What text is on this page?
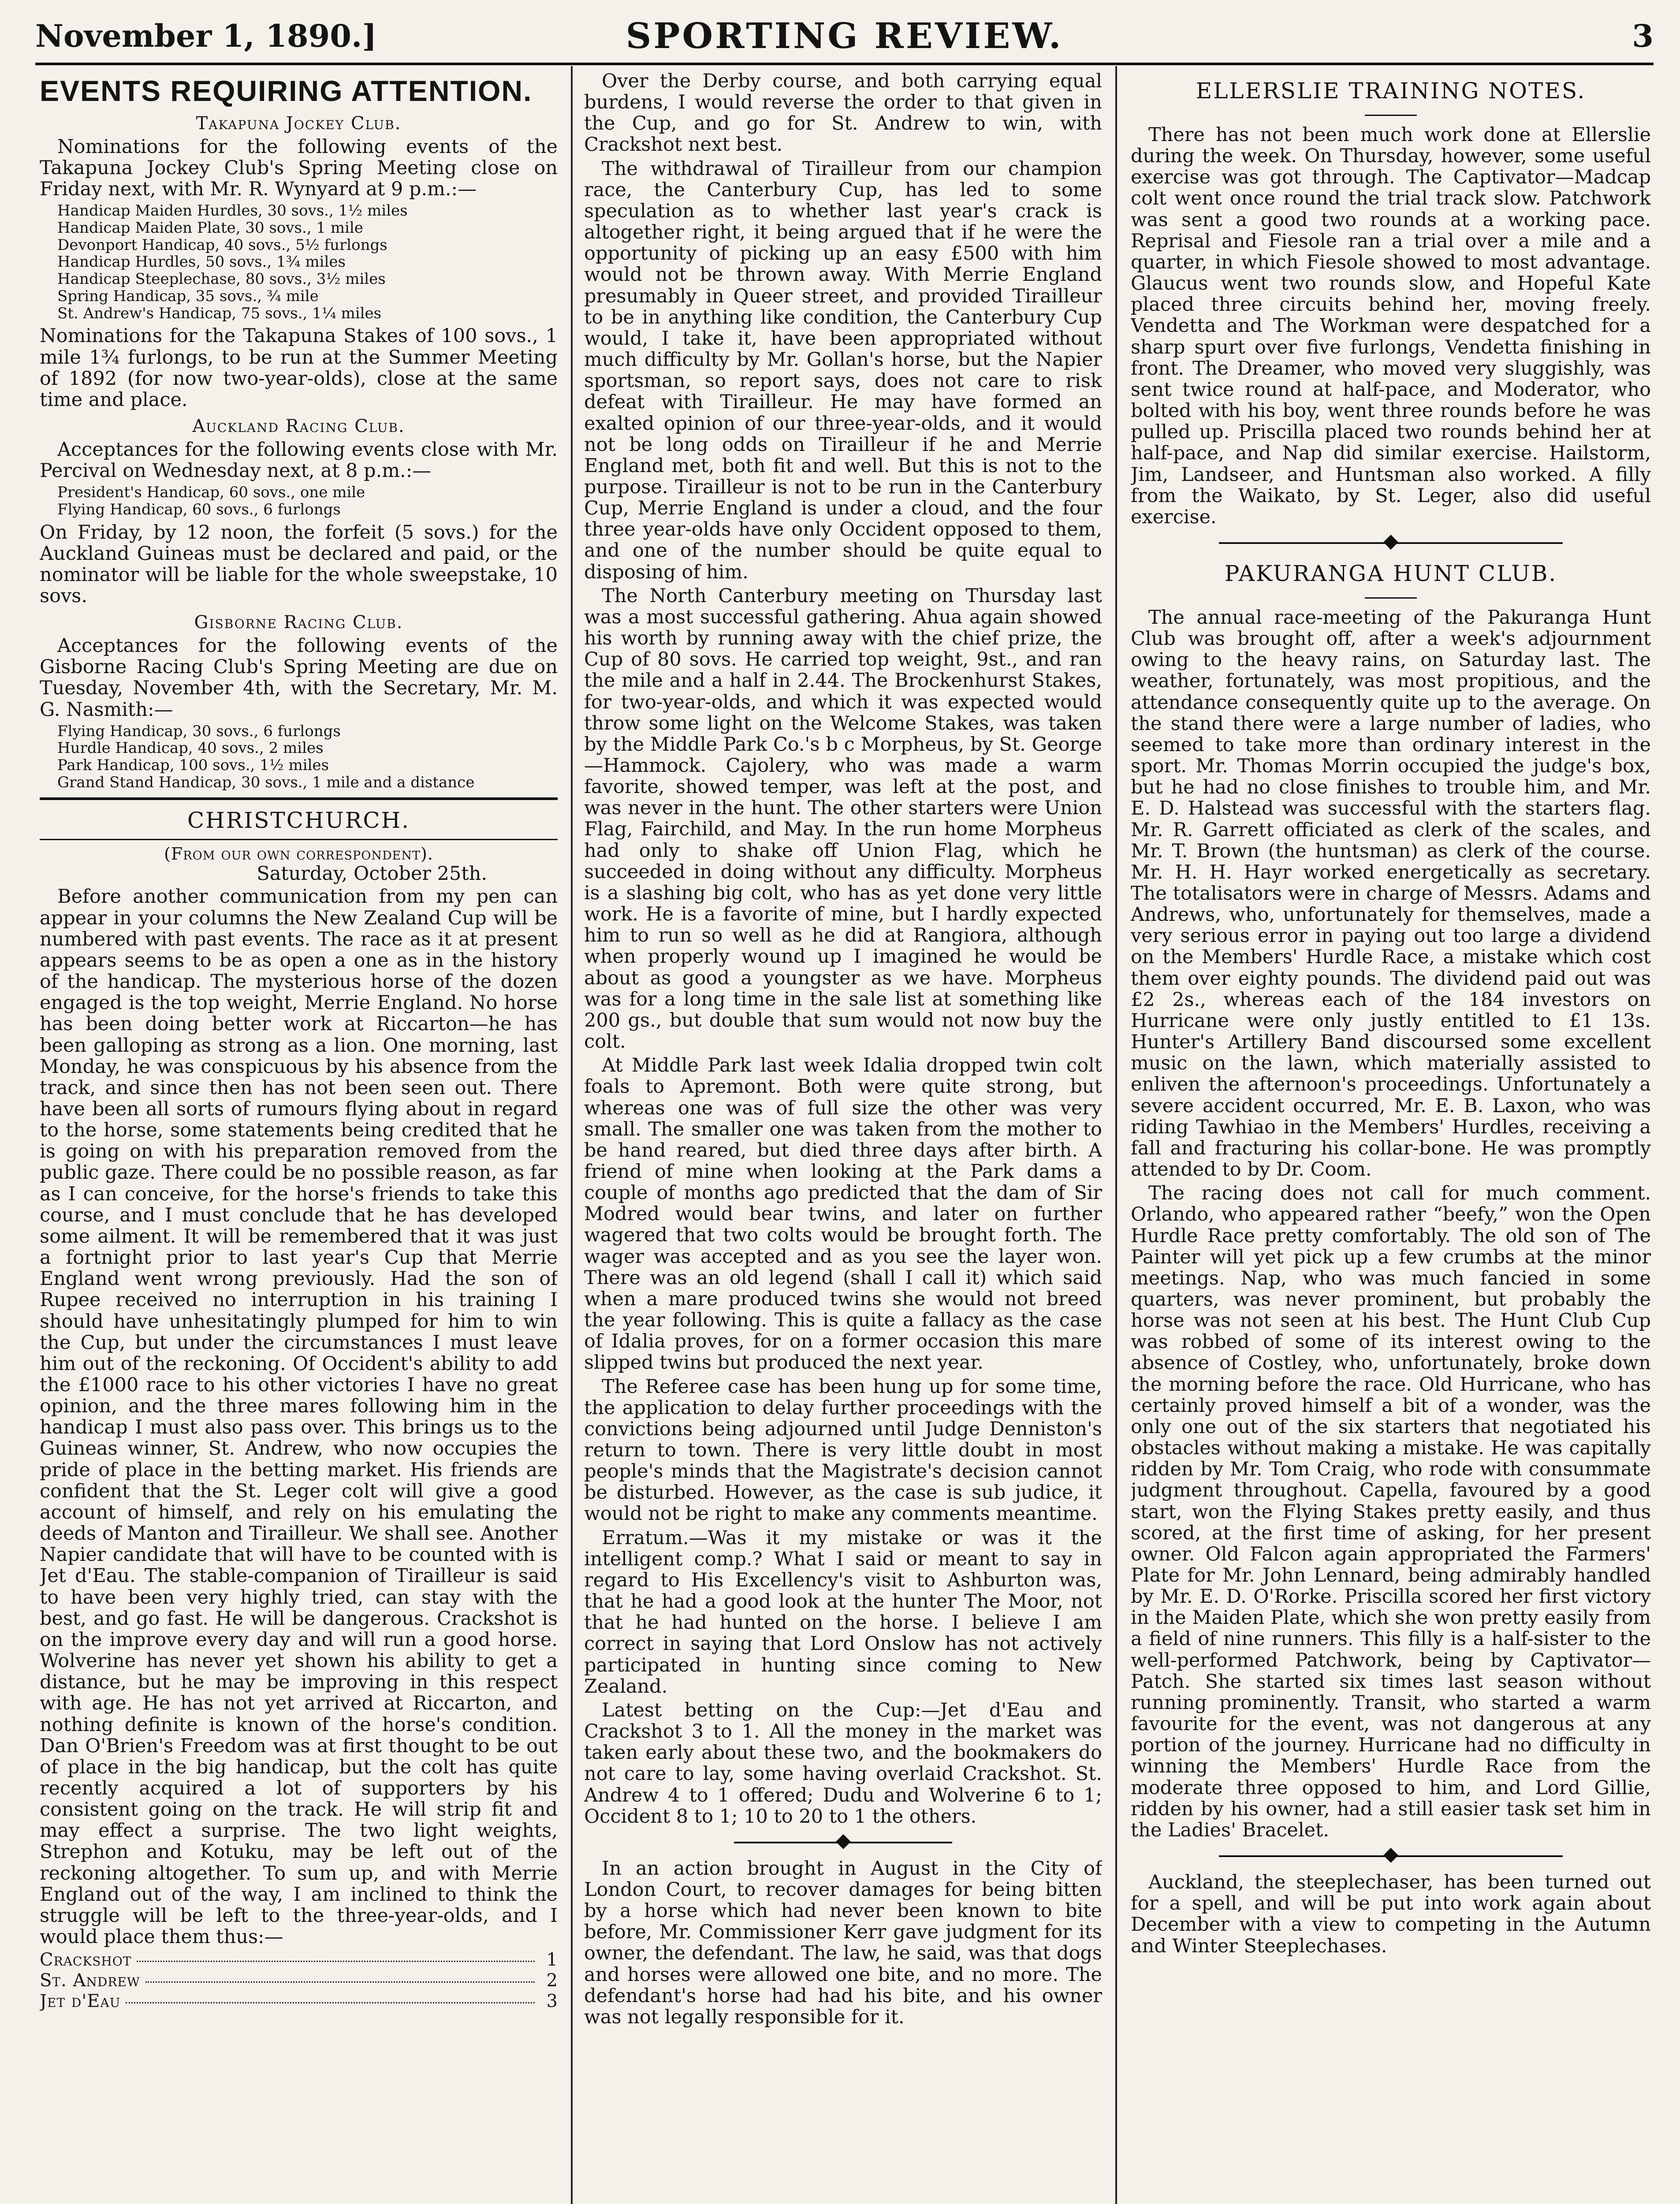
November 1, 1890.]	SPORTING REVIEW.	3
EVENTS REQUIRING ATTENTION.
Takapuna Jockey Club.

Nominations for the following events of the Takapuna Jockey Club's Spring Meeting close on Friday next, with Mr. R. Wynyard at 9 p.m.:—

Handicap Maiden Hurdles, 30 sovs., 1½ miles
Handicap Maiden Plate, 30 sovs., 1 mile
Devonport Handicap, 40 sovs., 5½ furlongs
Handicap Hurdles, 50 sovs., 1¾ miles
Handicap Steeplechase, 80 sovs., 3½ miles
Spring Handicap, 35 sovs., ¾ mile
St. Andrew's Handicap, 75 sovs., 1¼ miles

Nominations for the Takapuna Stakes of 100 sovs., 1 mile 1¾ furlongs, to be run at the Summer Meeting of 1892 (for now two-year-olds), close at the same time and place.

Auckland Racing Club.

Acceptances for the following events close with Mr. Percival on Wednesday next, at 8 p.m.:—

President's Handicap, 60 sovs., one mile
Flying Handicap, 60 sovs., 6 furlongs

On Friday, by 12 noon, the forfeit (5 sovs.) for the Auckland Guineas must be declared and paid, or the nominator will be liable for the whole sweepstake, 10 sovs.

Gisborne Racing Club.

Acceptances for the following events of the Gisborne Racing Club's Spring Meeting are due on Tuesday, November 4th, with the Secretary, Mr. M. G. Nasmith:—

Flying Handicap, 30 sovs., 6 furlongs
Hurdle Handicap, 40 sovs., 2 miles
Park Handicap, 100 sovs., 1½ miles
Grand Stand Handicap, 30 sovs., 1 mile and a distance
CHRISTCHURCH.
(From our own correspondent).
Saturday, October 25th.

Before another communication from my pen can appear in your columns the New Zealand Cup will be numbered with past events. The race as it at present appears seems to be as open a one as in the history of the handicap. The mysterious horse of the dozen engaged is the top weight, Merrie England. No horse has been doing better work at Riccarton—he has been galloping as strong as a lion. One morning, last Monday, he was conspicuous by his absence from the track, and since then has not been seen out. There have been all sorts of rumours flying about in regard to the horse, some statements being credited that he is going on with his preparation removed from the public gaze. There could be no possible reason, as far as I can conceive, for the horse's friends to take this course, and I must conclude that he has developed some ailment. It will be remembered that it was just a fortnight prior to last year's Cup that Merrie England went wrong previously. Had the son of Rupee received no interruption in his training I should have unhesitatingly plumped for him to win the Cup, but under the circumstances I must leave him out of the reckoning. Of Occident's ability to add the £1000 race to his other victories I have no great opinion, and the three mares following him in the handicap I must also pass over. This brings us to the Guineas winner, St. Andrew, who now occupies the pride of place in the betting market. His friends are confident that the St. Leger colt will give a good account of himself, and rely on his emulating the deeds of Manton and Tirailleur. We shall see. Another Napier candidate that will have to be counted with is Jet d'Eau. The stable-companion of Tirailleur is said to have been very highly tried, can stay with the best, and go fast. He will be dangerous. Crackshot is on the improve every day and will run a good horse. Wolverine has never yet shown his ability to get a distance, but he may be improving in this respect with age. He has not yet arrived at Riccarton, and nothing definite is known of the horse's condition. Dan O'Brien's Freedom was at first thought to be out of place in the big handicap, but the colt has quite recently acquired a lot of supporters by his consistent going on the track. He will strip fit and may effect a surprise. The two light weights, Strephon and Kotuku, may be left out of the reckoning altogether. To sum up, and with Merrie England out of the way, I am inclined to think the struggle will be left to the three-year-olds, and I would place them thus:—

Crackshot	1
St. Andrew	2
Jet d'Eau	3

Over the Derby course, and both carrying equal burdens, I would reverse the order to that given in the Cup, and go for St. Andrew to win, with Crackshot next best.

The withdrawal of Tirailleur from our champion race, the Canterbury Cup, has led to some speculation as to whether last year's crack is altogether right, it being argued that if he were the opportunity of picking up an easy £500 with him would not be thrown away. With Merrie England presumably in Queer street, and provided Tirailleur to be in anything like condition, the Canterbury Cup would, I take it, have been appropriated without much difficulty by Mr. Gollan's horse, but the Napier sportsman, so report says, does not care to risk defeat with Tirailleur. He may have formed an exalted opinion of our three-year-olds, and it would not be long odds on Tirailleur if he and Merrie England met, both fit and well. But this is not to the purpose. Tirailleur is not to be run in the Canterbury Cup, Merrie England is under a cloud, and the four three year-olds have only Occident opposed to them, and one of the number should be quite equal to disposing of him.

The North Canterbury meeting on Thursday last was a most successful gathering. Ahua again showed his worth by running away with the chief prize, the Cup of 80 sovs. He carried top weight, 9st., and ran the mile and a half in 2.44. The Brockenhurst Stakes, for two-year-olds, and which it was expected would throw some light on the Welcome Stakes, was taken by the Middle Park Co.'s b c Morpheus, by St. George—Hammock. Cajolery, who was made a warm favorite, showed temper, was left at the post, and was never in the hunt. The other starters were Union Flag, Fairchild, and May. In the run home Morpheus had only to shake off Union Flag, which he succeeded in doing without any difficulty. Morpheus is a slashing big colt, who has as yet done very little work. He is a favorite of mine, but I hardly expected him to run so well as he did at Rangiora, although when properly wound up I imagined he would be about as good a youngster as we have. Morpheus was for a long time in the sale list at something like 200 gs., but double that sum would not now buy the colt.

At Middle Park last week Idalia dropped twin colt foals to Apremont. Both were quite strong, but whereas one was of full size the other was very small. The smaller one was taken from the mother to be hand reared, but died three days after birth. A friend of mine when looking at the Park dams a couple of months ago predicted that the dam of Sir Modred would bear twins, and later on further wagered that two colts would be brought forth. The wager was accepted and as you see the layer won. There was an old legend (shall I call it) which said when a mare produced twins she would not breed the year following. This is quite a fallacy as the case of Idalia proves, for on a former occasion this mare slipped twins but produced the next year.

The Referee case has been hung up for some time, the application to delay further proceedings with the convictions being adjourned until Judge Denniston's return to town. There is very little doubt in most people's minds that the Magistrate's decision cannot be disturbed. However, as the case is sub judice, it would not be right to make any comments meantime.

Erratum.—Was it my mistake or was it the intelligent comp.? What I said or meant to say in regard to His Excellency's visit to Ashburton was, that he had a good look at the hunter The Moor, not that he had hunted on the horse. I believe I am correct in saying that Lord Onslow has not actively participated in hunting since coming to New Zealand.

Latest betting on the Cup:—Jet d'Eau and Crackshot 3 to 1. All the money in the market was taken early about these two, and the bookmakers do not care to lay, some having overlaid Crackshot. St. Andrew 4 to 1 offered; Dudu and Wolverine 6 to 1; Occident 8 to 1; 10 to 20 to 1 the others.

In an action brought in August in the City of London Court, to recover damages for being bitten by a horse which had never been known to bite before, Mr. Commissioner Kerr gave judgment for its owner, the defendant. The law, he said, was that dogs and horses were allowed one bite, and no more. The defendant's horse had had his bite, and his owner was not legally responsible for it.

ELLERSLIE TRAINING NOTES.

There has not been much work done at Ellerslie during the week. On Thursday, however, some useful exercise was got through. The Captivator—Madcap colt went once round the trial track slow. Patchwork was sent a good two rounds at a working pace. Reprisal and Fiesole ran a trial over a mile and a quarter, in which Fiesole showed to most advantage. Glaucus went two rounds slow, and Hopeful Kate placed three circuits behind her, moving freely. Vendetta and The Workman were despatched for a sharp spurt over five furlongs, Vendetta finishing in front. The Dreamer, who moved very sluggishly, was sent twice round at half-pace, and Moderator, who bolted with his boy, went three rounds before he was pulled up. Priscilla placed two rounds behind her at half-pace, and Nap did similar exercise. Hailstorm, Jim, Landseer, and Huntsman also worked. A filly from the Waikato, by St. Leger, also did useful exercise.

PAKURANGA HUNT CLUB.

The annual race-meeting of the Pakuranga Hunt Club was brought off, after a week's adjournment owing to the heavy rains, on Saturday last. The weather, fortunately, was most propitious, and the attendance consequently quite up to the average. On the stand there were a large number of ladies, who seemed to take more than ordinary interest in the sport. Mr. Thomas Morrin occupied the judge's box, but he had no close finishes to trouble him, and Mr. E. D. Halstead was successful with the starters flag. Mr. R. Garrett officiated as clerk of the scales, and Mr. T. Brown (the huntsman) as clerk of the course. Mr. H. H. Hayr worked energetically as secretary. The totalisators were in charge of Messrs. Adams and Andrews, who, unfortunately for themselves, made a very serious error in paying out too large a dividend on the Members' Hurdle Race, a mistake which cost them over eighty pounds. The dividend paid out was £2 2s., whereas each of the 184 investors on Hurricane were only justly entitled to £1 13s. Hunter's Artillery Band discoursed some excellent music on the lawn, which materially assisted to enliven the afternoon's proceedings. Unfortunately a severe accident occurred, Mr. E. B. Laxon, who was riding Tawhiao in the Members' Hurdles, receiving a fall and fracturing his collar-bone. He was promptly attended to by Dr. Coom.

The racing does not call for much comment. Orlando, who appeared rather “beefy,” won the Open Hurdle Race pretty comfortably. The old son of The Painter will yet pick up a few crumbs at the minor meetings. Nap, who was much fancied in some quarters, was never prominent, but probably the horse was not seen at his best. The Hunt Club Cup was robbed of some of its interest owing to the absence of Costley, who, unfortunately, broke down the morning before the race. Old Hurricane, who has certainly proved himself a bit of a wonder, was the only one out of the six starters that negotiated his obstacles without making a mistake. He was capitally ridden by Mr. Tom Craig, who rode with consummate judgment throughout. Capella, favoured by a good start, won the Flying Stakes pretty easily, and thus scored, at the first time of asking, for her present owner. Old Falcon again appropriated the Farmers' Plate for Mr. John Lennard, being admirably handled by Mr. E. D. O'Rorke. Priscilla scored her first victory in the Maiden Plate, which she won pretty easily from a field of nine runners. This filly is a half-sister to the well-performed Patchwork, being by Captivator—Patch. She started six times last season without running prominently. Transit, who started a warm favourite for the event, was not dangerous at any portion of the journey. Hurricane had no difficulty in winning the Members' Hurdle Race from the moderate three opposed to him, and Lord Gillie, ridden by his owner, had a still easier task set him in the Ladies' Bracelet.

Auckland, the steeplechaser, has been turned out for a spell, and will be put into work again about December with a view to competing in the Autumn and Winter Steeplechases.
